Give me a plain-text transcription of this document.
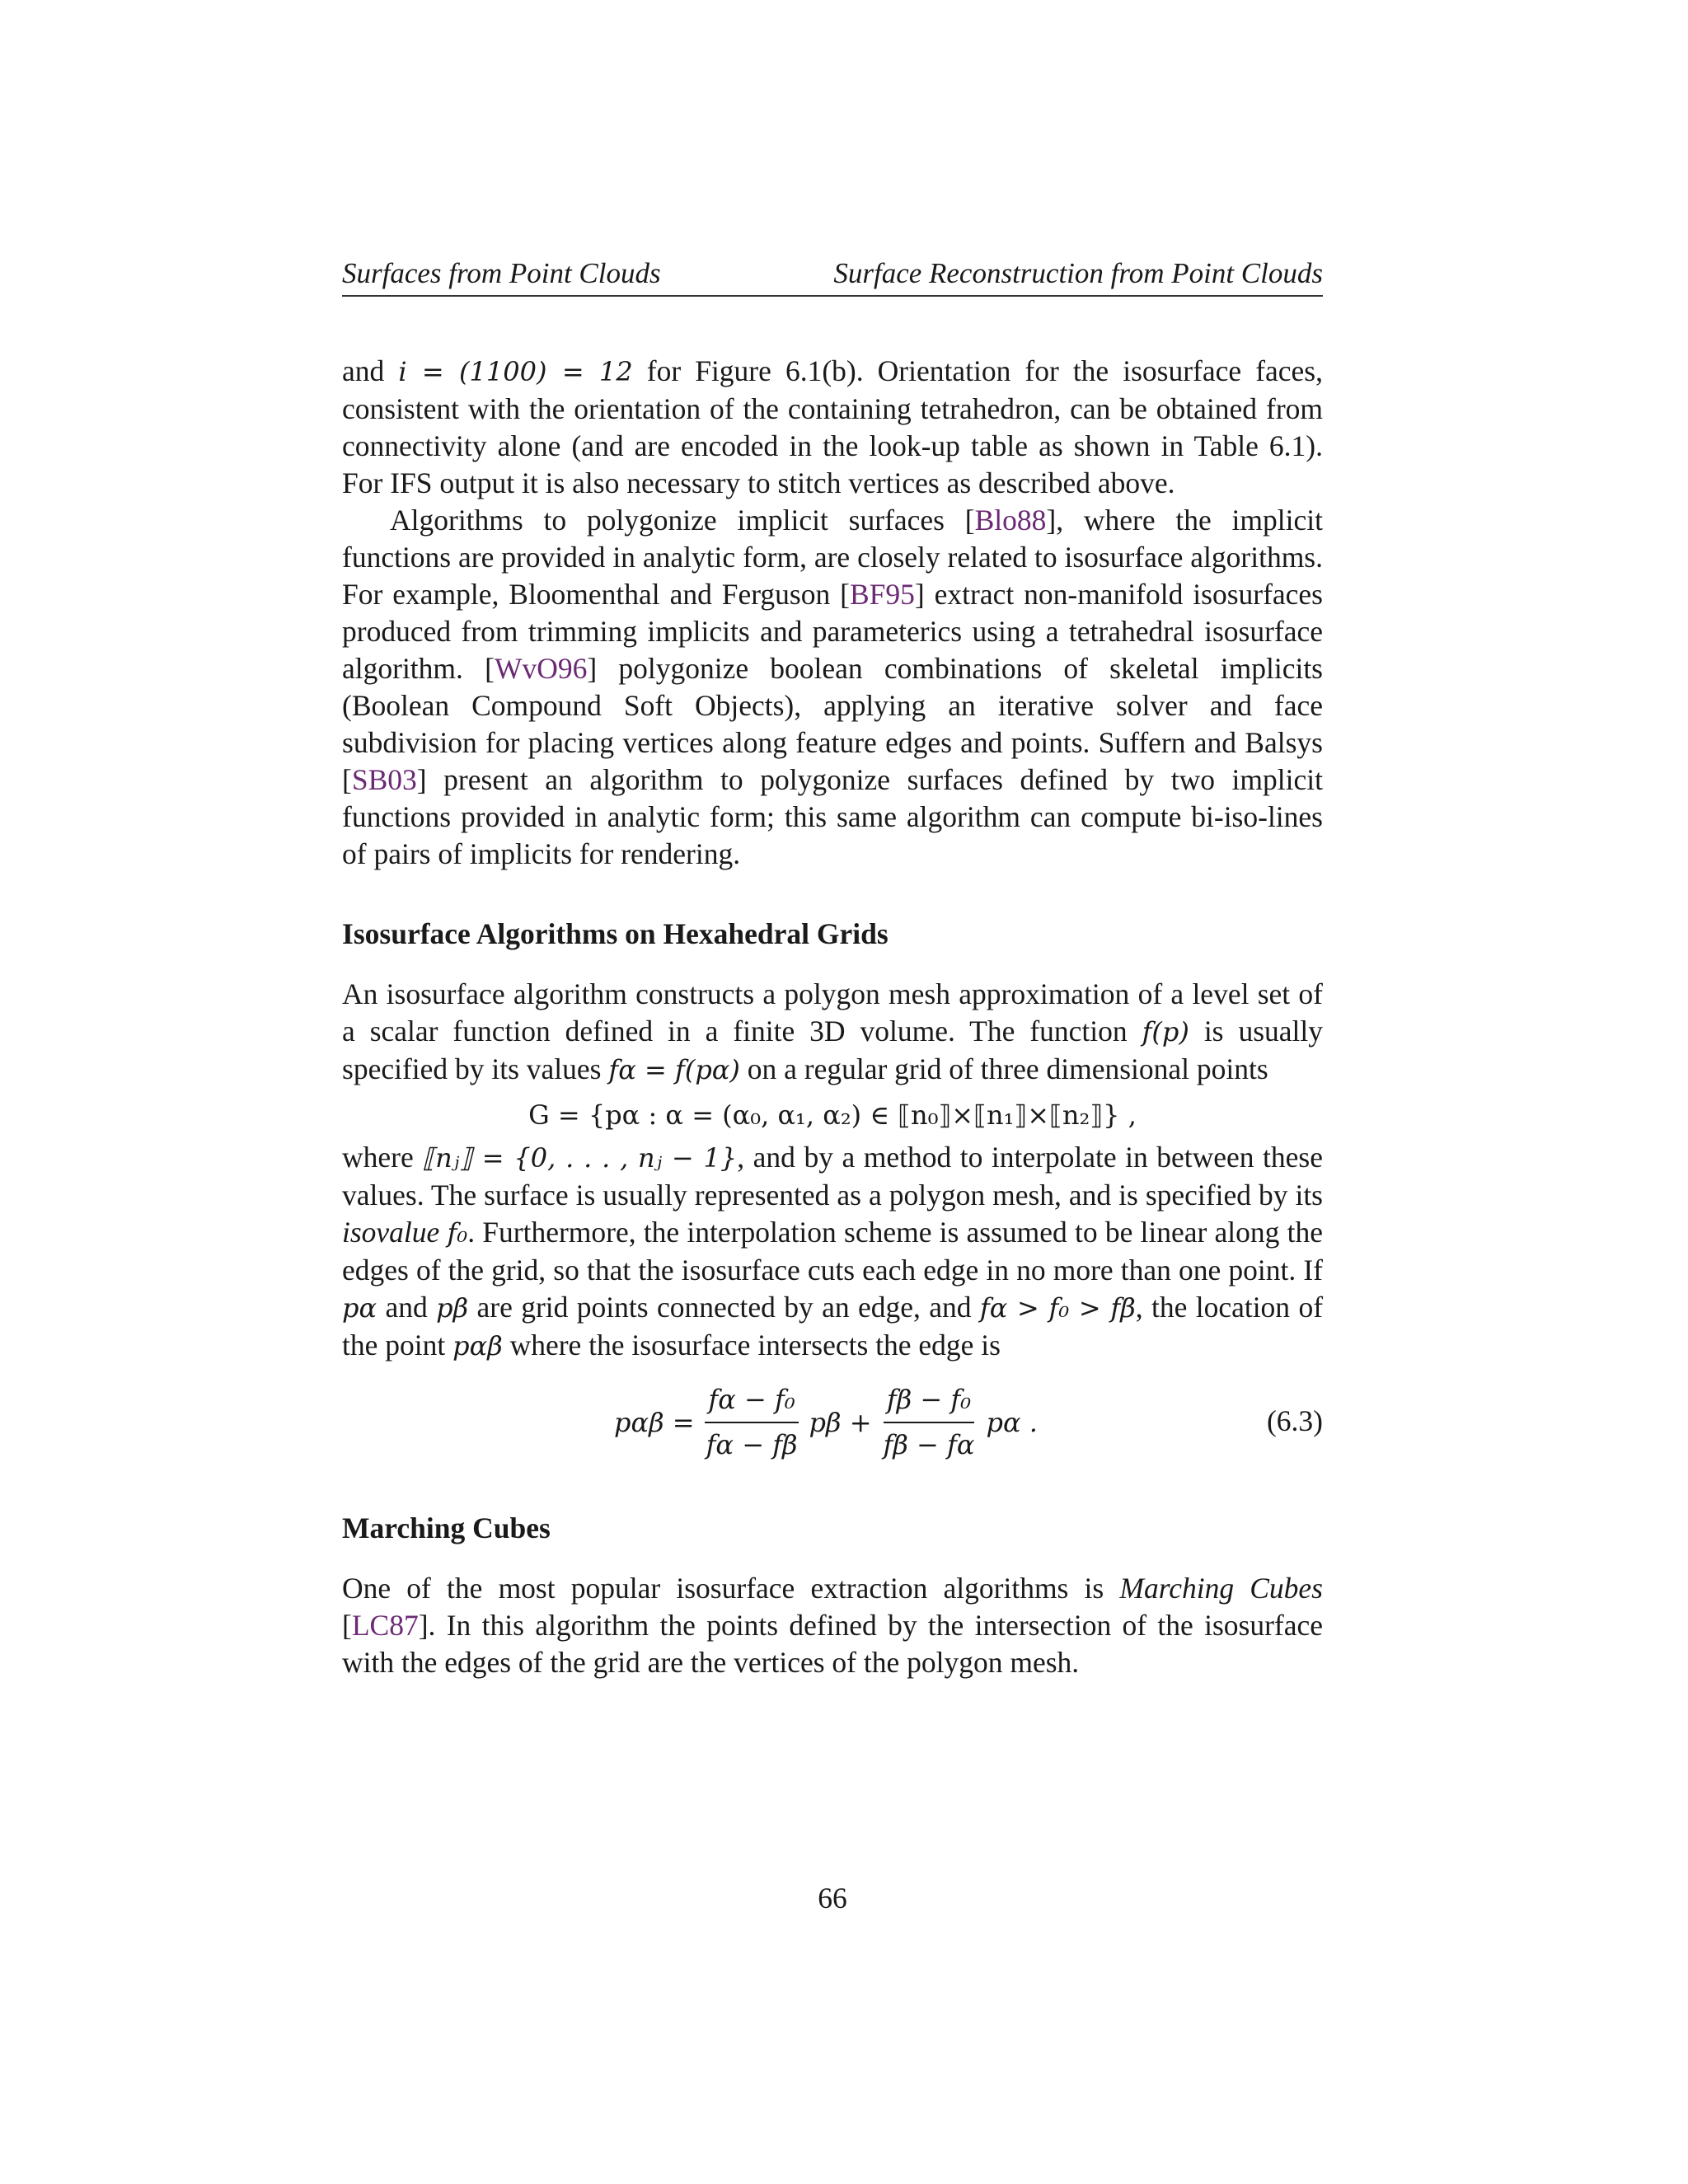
Surfaces from Point Clouds	Surface Reconstruction from Point Clouds

and i = (1100) = 12 for Figure 6.1(b). Orientation for the isosurface faces, consistent with the orientation of the containing tetrahedron, can be obtained from connectivity alone (and are encoded in the look-up table as shown in Table 6.1). For IFS output it is also necessary to stitch vertices as described above.

Algorithms to polygonize implicit surfaces [Blo88], where the implicit functions are provided in analytic form, are closely related to isosurface algorithms. For example, Bloomenthal and Ferguson [BF95] extract non-manifold isosurfaces produced from trimming implicits and parameterics using a tetrahedral isosurface algorithm. [WvO96] polygonize boolean combinations of skeletal implicits (Boolean Compound Soft Objects), applying an iterative solver and face subdivision for placing vertices along feature edges and points. Suffern and Balsys [SB03] present an algorithm to polygonize surfaces defined by two implicit functions provided in analytic form; this same algorithm can compute bi-iso-lines of pairs of implicits for rendering.

Isosurface Algorithms on Hexahedral Grids

An isosurface algorithm constructs a polygon mesh approximation of a level set of a scalar function defined in a finite 3D volume. The function f(p) is usually specified by its values fα = f(pα) on a regular grid of three dimensional points

G = {pα : α = (α₀, α₁, α₂) ∈ ⟦n₀⟧×⟦n₁⟧×⟦n₂⟧} ,

where ⟦nⱼ⟧ = {0, . . . , nⱼ − 1}, and by a method to interpolate in between these values. The surface is usually represented as a polygon mesh, and is specified by its isovalue f₀. Furthermore, the interpolation scheme is assumed to be linear along the edges of the grid, so that the isosurface cuts each edge in no more than one point. If pα and pβ are grid points connected by an edge, and fα > f₀ > fβ, the location of the point pαβ where the isosurface intersects the edge is

$p\alpha\beta = \frac{\text{fα − f₀}}{f\alpha - f\beta}$ $p\beta + \frac{\text{fβ − f₀}}{f\beta - f\alpha}$ pα .	(6.3)
Marching Cubes

One of the most popular isosurface extraction algorithms is Marching Cubes [LC87]. In this algorithm the points defined by the intersection of the isosurface with the edges of the grid are the vertices of the polygon mesh.

66
